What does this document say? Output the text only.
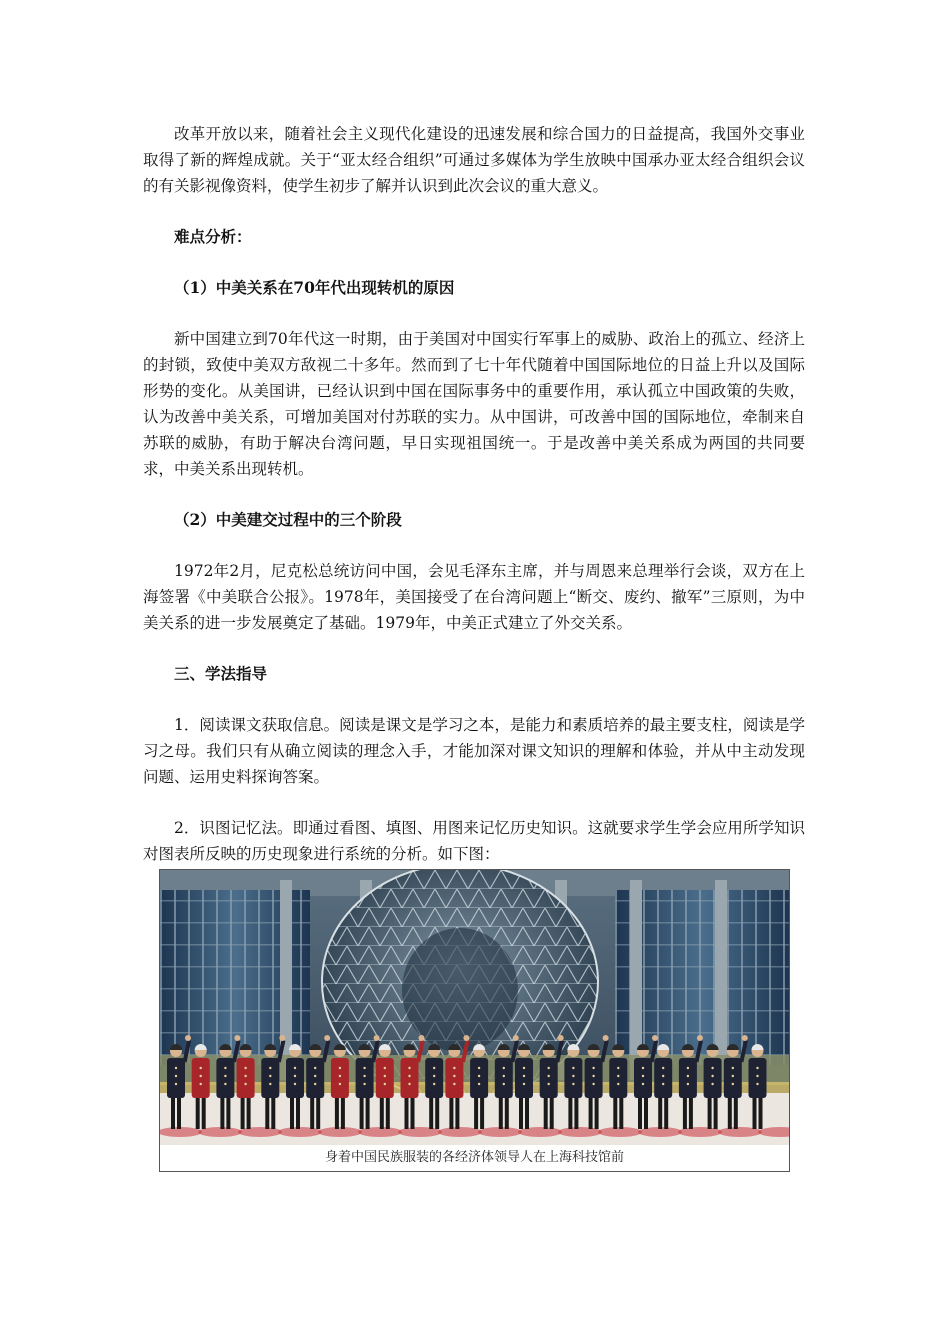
改革开放以来，随着社会主义现代化建设的迅速发展和综合国力的日益提高，我国外交事业取得了新的辉煌成就。关于“亚太经合组织”可通过多媒体为学生放映中国承办亚太经合组织会议的有关影视像资料，使学生初步了解并认识到此次会议的重大意义。

难点分析：

（1）中美关系在70年代出现转机的原因

新中国建立到70年代这一时期，由于美国对中国实行军事上的威胁、政治上的孤立、经济上的封锁，致使中美双方敌视二十多年。然而到了七十年代随着中国国际地位的日益上升以及国际形势的变化。从美国讲，已经认识到中国在国际事务中的重要作用，承认孤立中国政策的失败，认为改善中美关系，可增加美国对付苏联的实力。从中国讲，可改善中国的国际地位，牵制来自苏联的威胁，有助于解决台湾问题，早日实现祖国统一。于是改善中美关系成为两国的共同要求，中美关系出现转机。

（2）中美建交过程中的三个阶段

1972年2月，尼克松总统访问中国，会见毛泽东主席，并与周恩来总理举行会谈，双方在上海签署《中美联合公报》。1978年，美国接受了在台湾问题上“断交、废约、撤军”三原则，为中美关系的进一步发展奠定了基础。1979年，中美正式建立了外交关系。

三、学法指导

1．阅读课文获取信息。阅读是课文是学习之本，是能力和素质培养的最主要支柱，阅读是学习之母。我们只有从确立阅读的理念入手，才能加深对课文知识的理解和体验，并从中主动发现问题、运用史料探询答案。

2．识图记忆法。即通过看图、填图、用图来记忆历史知识。这就要求学生学会应用所学知识对图表所反映的历史现象进行系统的分析。如下图：

身着中国民族服装的各经济体领导人在上海科技馆前
